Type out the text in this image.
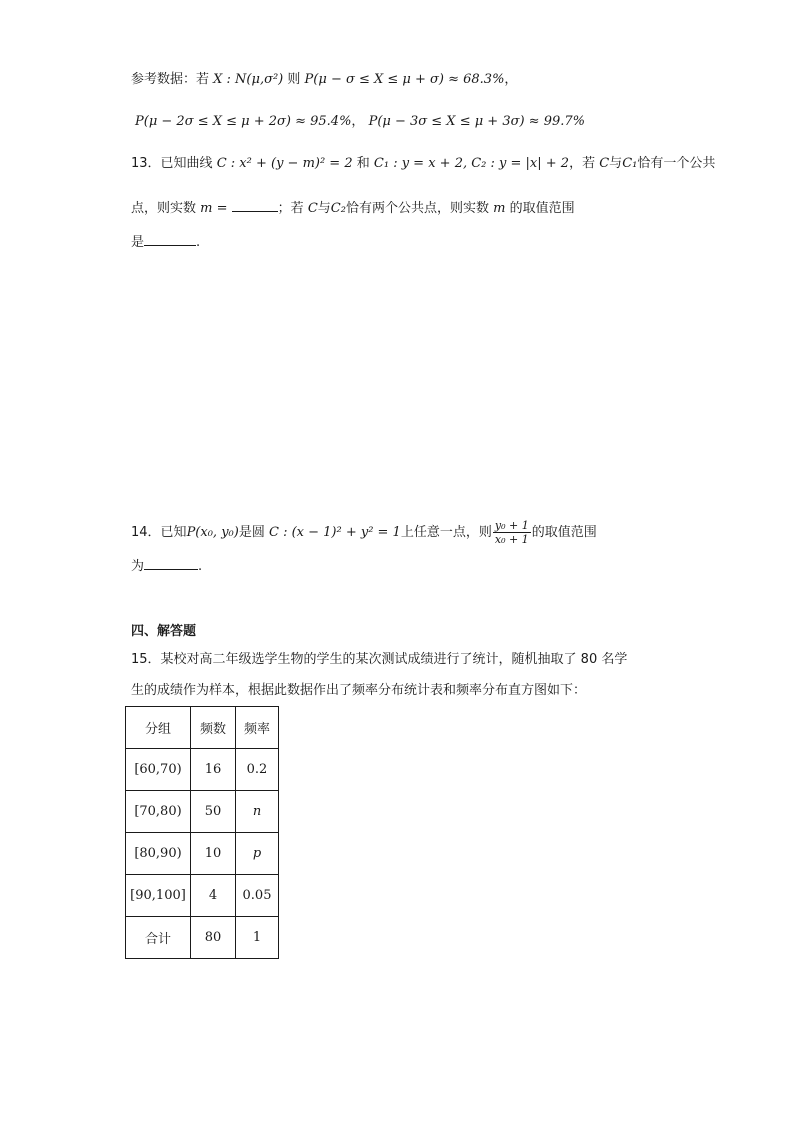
参考数据：若 X : N(μ,σ²) 则 P(μ − σ ≤ X ≤ μ + σ) ≈ 68.3%，
P(μ − 2σ ≤ X ≤ μ + 2σ) ≈ 95.4%， P(μ − 3σ ≤ X ≤ μ + 3σ) ≈ 99.7%
13．已知曲线 C : x² + (y − m)² = 2 和 C₁ : y = x + 2, C₂ : y = |x| + 2，若 C与C₁恰有一个公共
点，则实数 m =	；若 C与C₂恰有两个公共点，则实数 m 的取值范围
是	.
14．已知P(x₀, y₀)是圆 C : (x − 1)² + y² = 1上任意一点，则 $\frac{\text{y₀ + 1}}{\text{x₀ + 1}}$ 的取值范围
为	.
四、解答题
15．某校对高二年级选学生物的学生的某次测试成绩进行了统计，随机抽取了 80 名学
生的成绩作为样本，根据此数据作出了频率分布统计表和频率分布直方图如下：
分组	频数	频率
[60,70)	16	0.2
[70,80)	50	n
[80,90)	10	p
[90,100]	4	0.05
合计	80	1
